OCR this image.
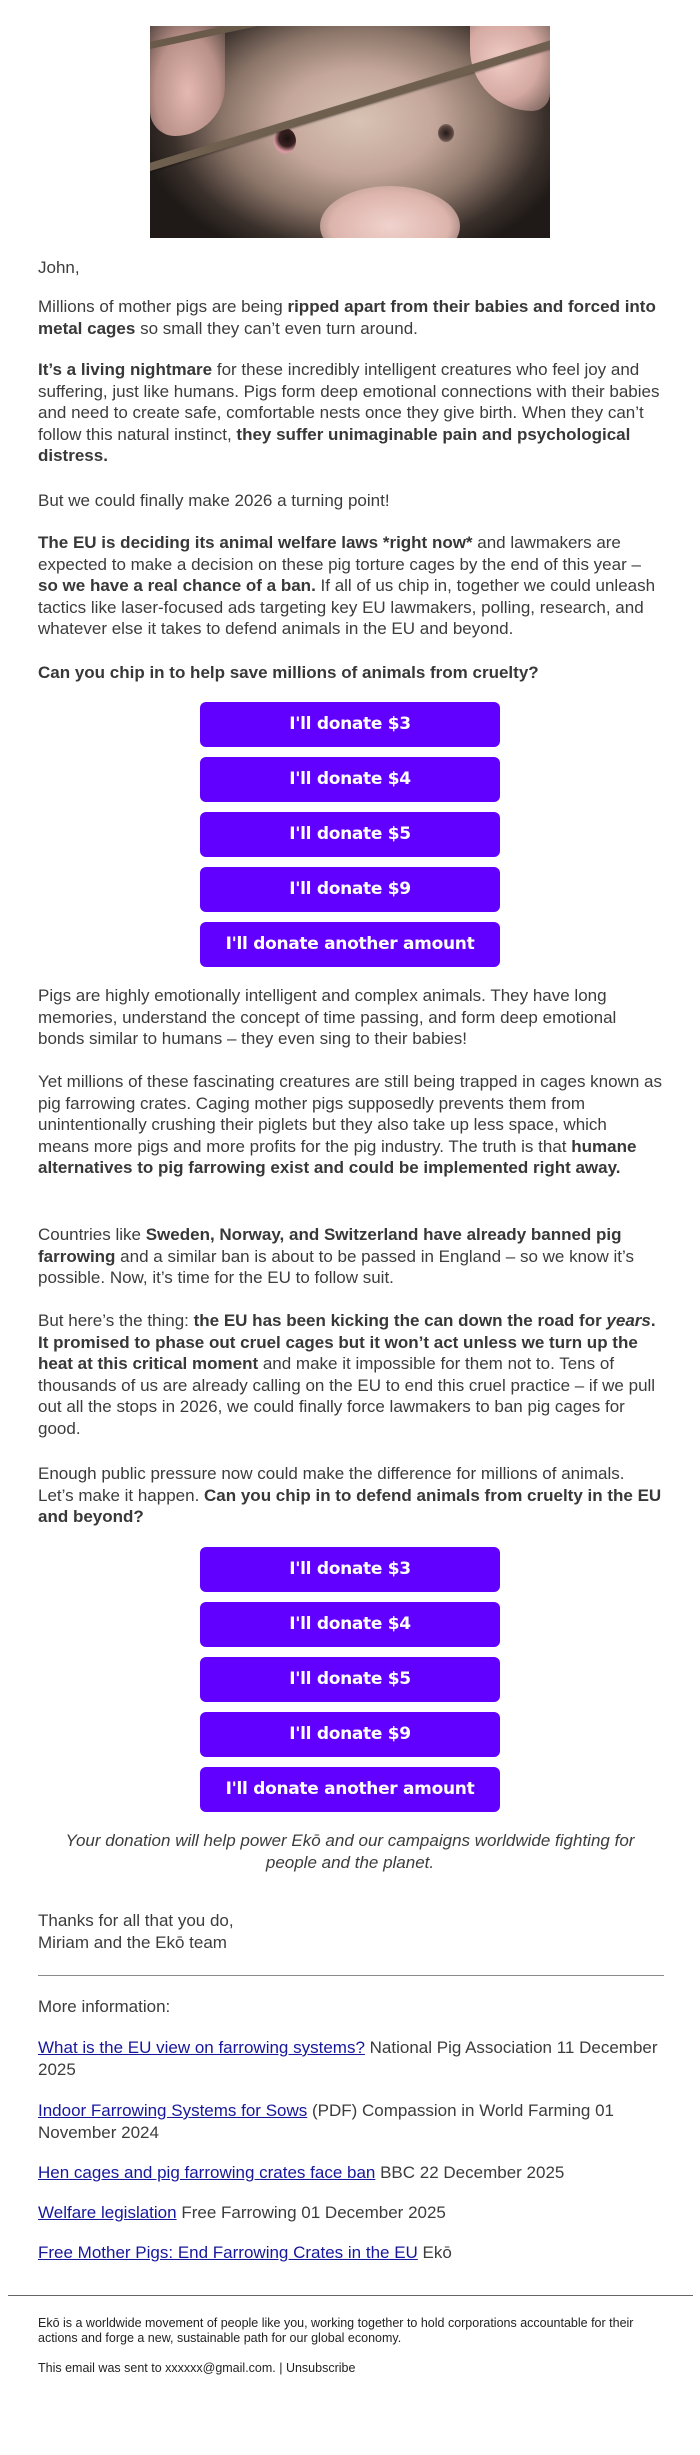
John,

Millions of mother pigs are being ripped apart from their babies and forced into metal cages so small they can’t even turn around.

It’s a living nightmare for these incredibly intelligent creatures who feel joy and suffering, just like humans. Pigs form deep emotional connections with their babies and need to create safe, comfortable nests once they give birth. When they can’t follow this natural instinct, they suffer unimaginable pain and psychological distress.

But we could finally make 2026 a turning point!

The EU is deciding its animal welfare laws *right now* and lawmakers are expected to make a decision on these pig torture cages by the end of this year – so we have a real chance of a ban. If all of us chip in, together we could unleash tactics like laser-focused ads targeting key EU lawmakers, polling, research, and whatever else it takes to defend animals in the EU and beyond.

Can you chip in to help save millions of animals from cruelty?

I'll donate $3
I'll donate $4
I'll donate $5
I'll donate $9
I'll donate another amount

Pigs are highly emotionally intelligent and complex animals. They have long memories, understand the concept of time passing, and form deep emotional bonds similar to humans – they even sing to their babies!

Yet millions of these fascinating creatures are still being trapped in cages known as pig farrowing crates. Caging mother pigs supposedly prevents them from unintentionally crushing their piglets but they also take up less space, which means more pigs and more profits for the pig industry. The truth is that humane alternatives to pig farrowing exist and could be implemented right away.

Countries like Sweden, Norway, and Switzerland have already banned pig farrowing and a similar ban is about to be passed in England – so we know it’s possible. Now, it’s time for the EU to follow suit.

But here’s the thing: the EU has been kicking the can down the road for years. It promised to phase out cruel cages but it won’t act unless we turn up the heat at this critical moment and make it impossible for them not to. Tens of thousands of us are already calling on the EU to end this cruel practice – if we pull out all the stops in 2026, we could finally force lawmakers to ban pig cages for good.

Enough public pressure now could make the difference for millions of animals. Let’s make it happen. Can you chip in to defend animals from cruelty in the EU and beyond?

I'll donate $3
I'll donate $4
I'll donate $5
I'll donate $9
I'll donate another amount

Your donation will help power Ekō and our campaigns worldwide fighting for people and the planet.

Thanks for all that you do,

Miriam and the Ekō team

More information:

What is the EU view on farrowing systems? National Pig Association 11 December 2025

Indoor Farrowing Systems for Sows (PDF) Compassion in World Farming 01 November 2024

Hen cages and pig farrowing crates face ban BBC 22 December 2025

Welfare legislation Free Farrowing 01 December 2025

Free Mother Pigs: End Farrowing Crates in the EU Ekō

Ekō is a worldwide movement of people like you, working together to hold corporations accountable for their actions and forge a new, sustainable path for our global economy.

This email was sent to xxxxxx@gmail.com. | Unsubscribe
